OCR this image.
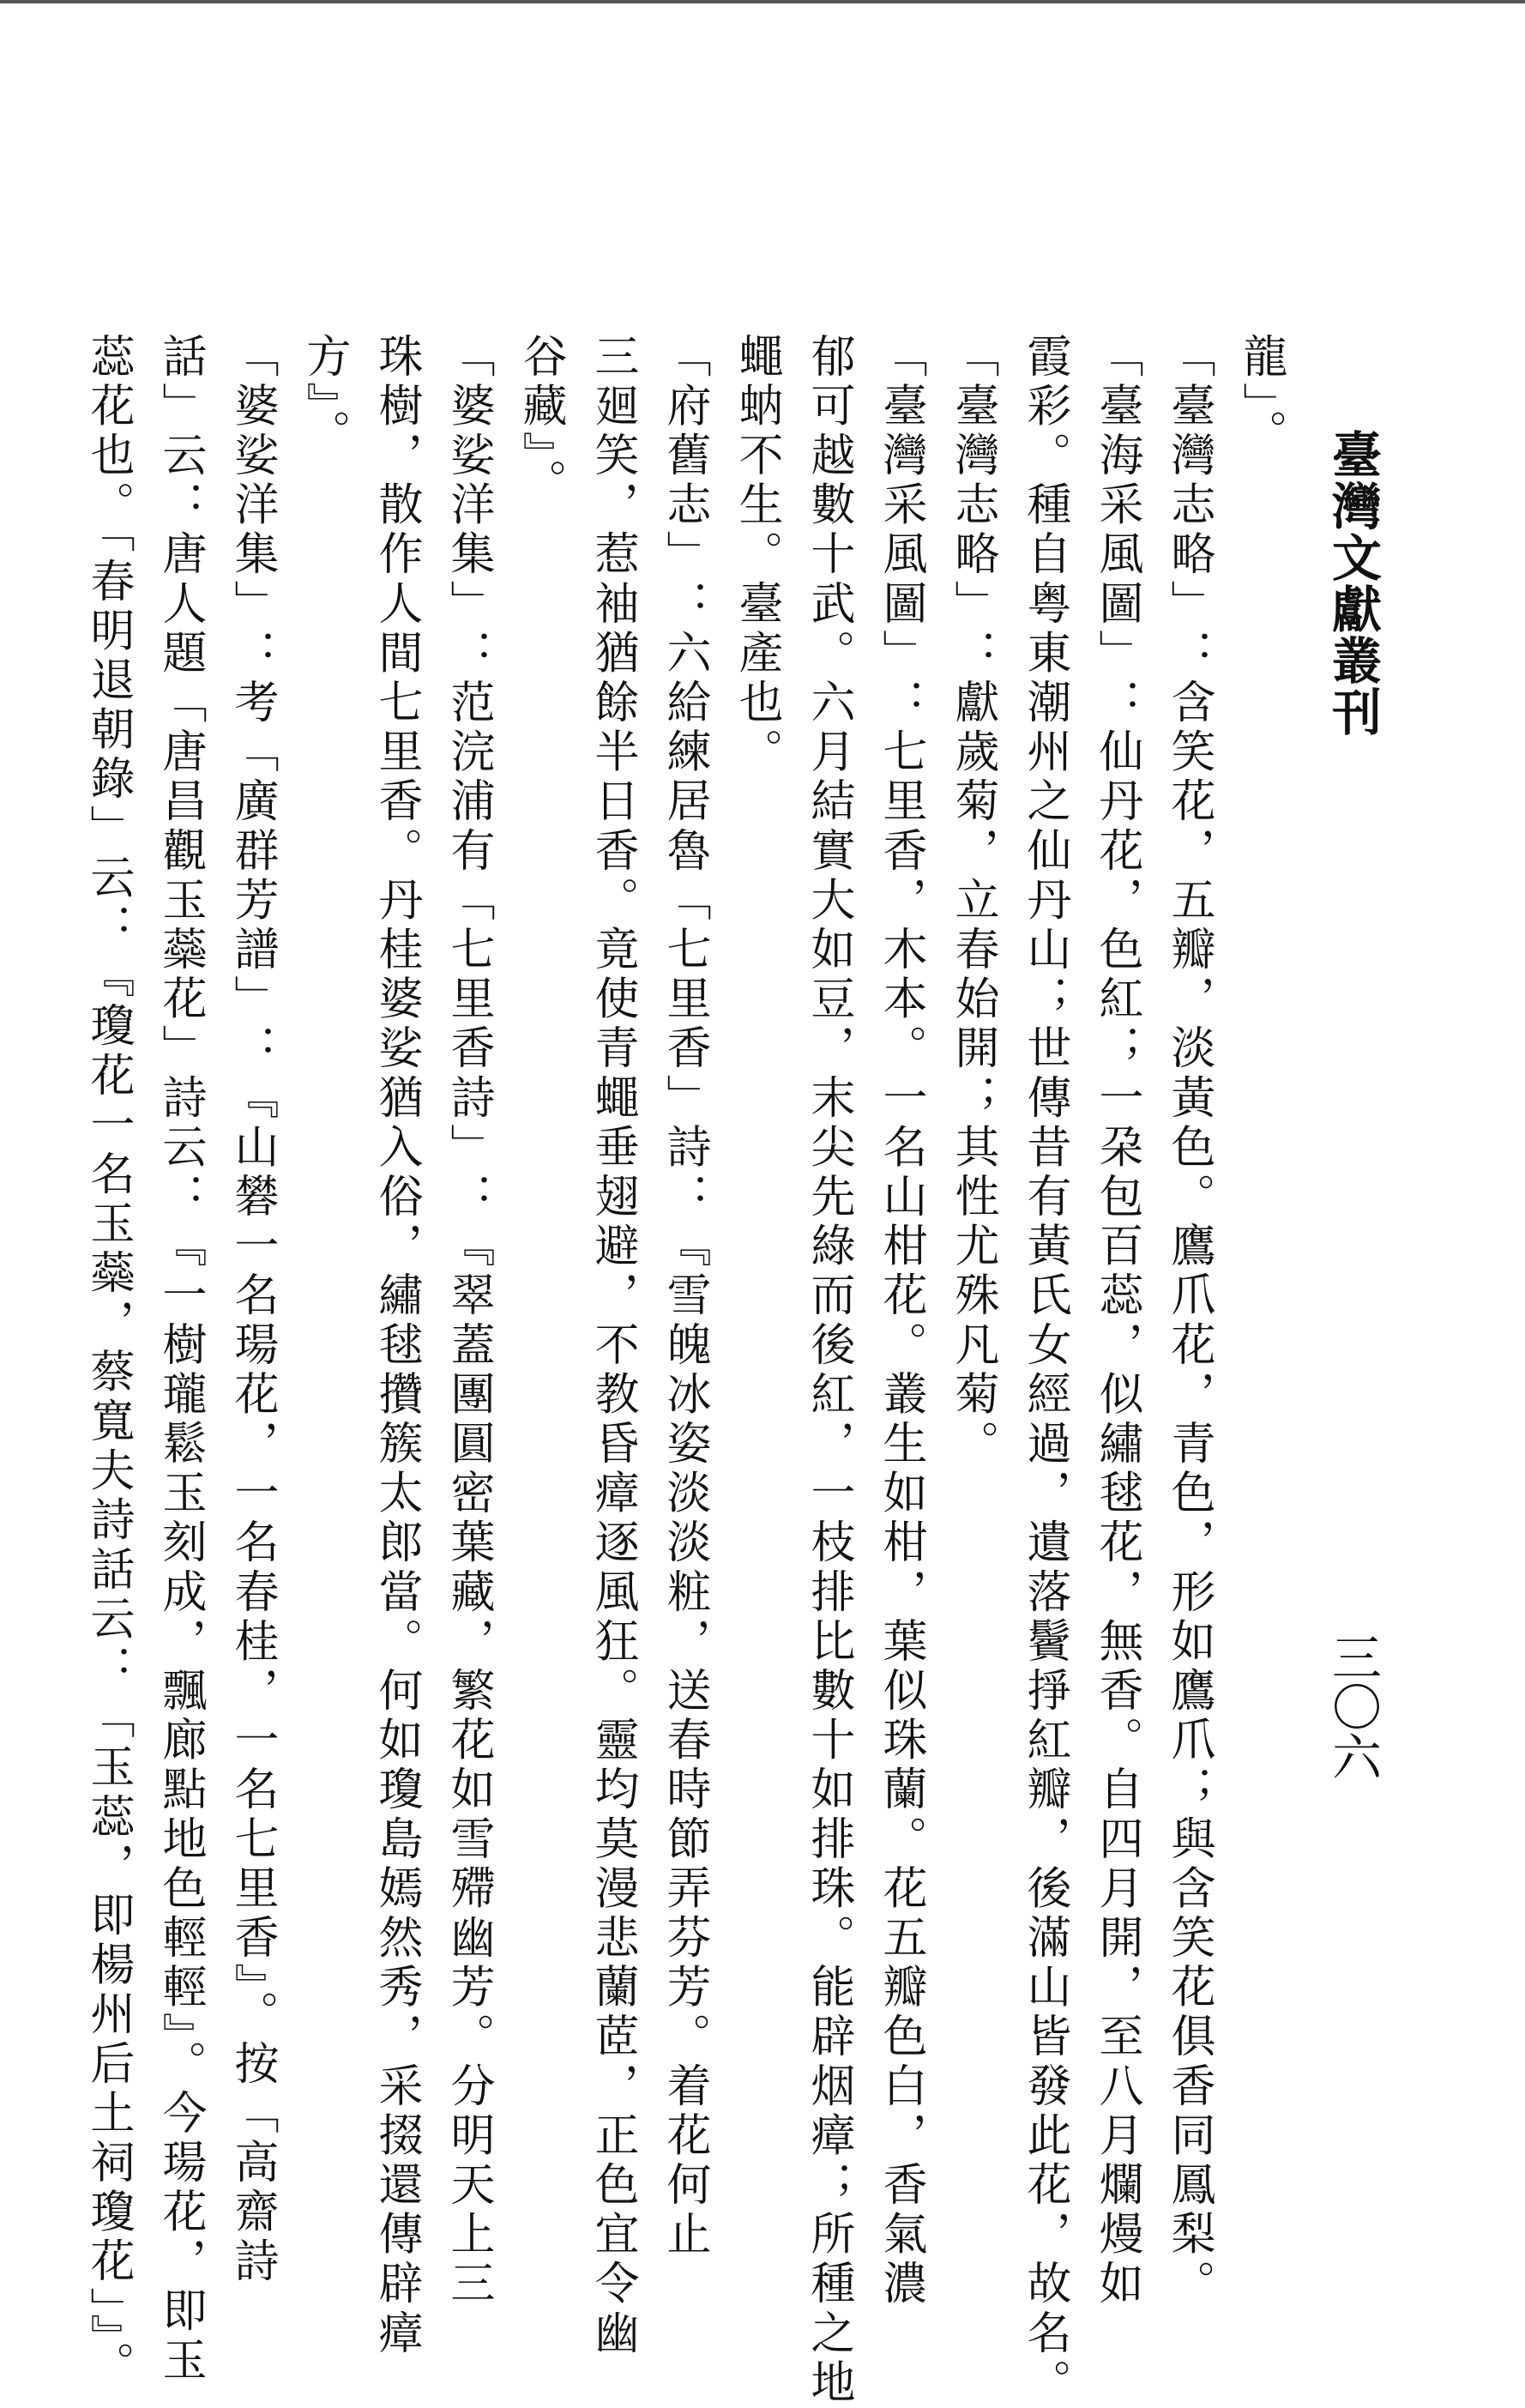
臺灣文獻叢刊
三〇六
龍」。
「臺灣志略」：含笑花，五瓣，淡黃色。鷹爪花，青色，形如鷹爪；與含笑花俱香同鳳梨。
「臺海采風圖」：仙丹花，色紅；一朶包百蕊，似繡毬花，無香。自四月開，至八月爛熳如
霞彩。種自粤東潮州之仙丹山；世傳昔有黃氏女經過，遺落鬢掙紅瓣，後滿山皆發此花，故名。
「臺灣志略」：獻歲菊，立春始開；其性尤殊凡菊。
「臺灣采風圖」：七里香，木本。一名山柑花。叢生如柑，葉似珠蘭。花五瓣色白，香氣濃
郁可越數十武。六月結實大如豆，末尖先綠而後紅，一枝排比數十如排珠。能辟烟瘴；所種之地
蠅蚋不生。臺產也。
「府舊志」：六給練居魯「七里香」詩：『雪魄冰姿淡淡粧，送春時節弄芬芳。着花何止
三廻笑，惹袖猶餘半日香。竟使青蠅垂翅避，不教昏瘴逐風狂。靈均莫漫悲蘭茝，正色宜令幽
谷藏』。
「婆娑洋集」：范浣浦有「七里香詩」：『翠蓋團圓密葉藏，繁花如雪殢幽芳。分明天上三
珠樹，散作人間七里香。丹桂婆娑猶入俗，繡毬攢簇太郎當。何如瓊島嫣然秀，采掇還傳辟瘴
方』。
「婆娑洋集」：考「廣群芳譜」：『山礬一名瑒花，一名春桂，一名七里香』。按「高齋詩
話」云：唐人題「唐昌觀玉蘂花」詩云：『一樹瓏鬆玉刻成，飄廊點地色輕輕』。今瑒花，即玉
蕊花也。「春明退朝錄」云：『瓊花一名玉蘂，蔡寬夫詩話云：「玉蕊，即楊州后土祠瓊花」』。
